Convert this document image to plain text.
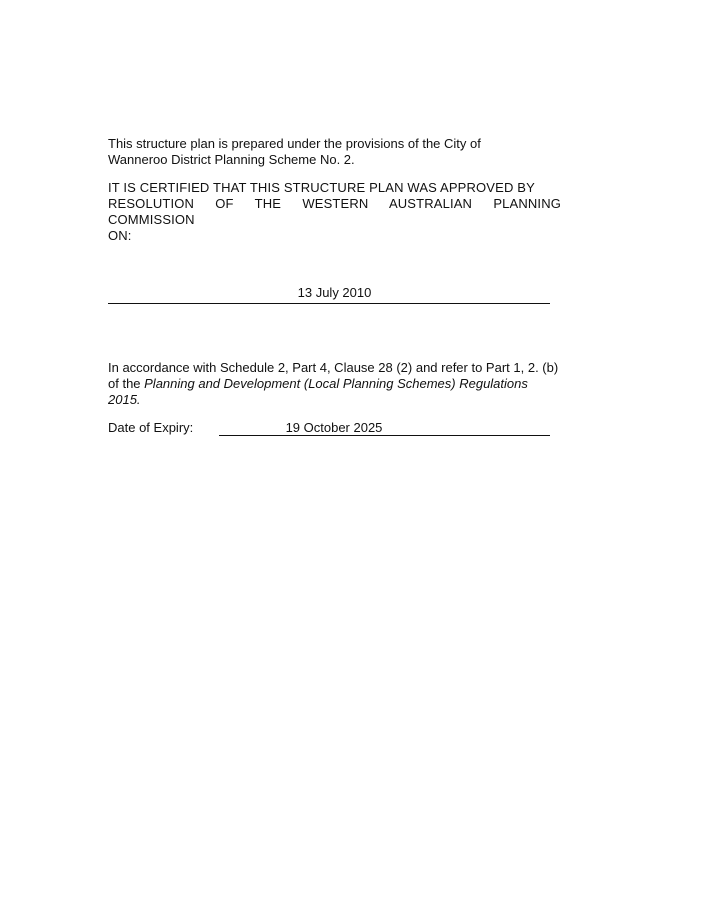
This structure plan is prepared under the provisions of the City of

Wanneroo District Planning Scheme No. 2.

IT IS CERTIFIED THAT THIS STRUCTURE PLAN WAS APPROVED BY

RESOLUTION OF THE WESTERN AUSTRALIAN PLANNING COMMISSION

ON:

13 July 2010

In accordance with Schedule 2, Part 4, Clause 28 (2) and refer to Part 1, 2. (b)

of the Planning and Development (Local Planning Schemes) Regulations 2015.

Date of Expiry:	19 October 2025
